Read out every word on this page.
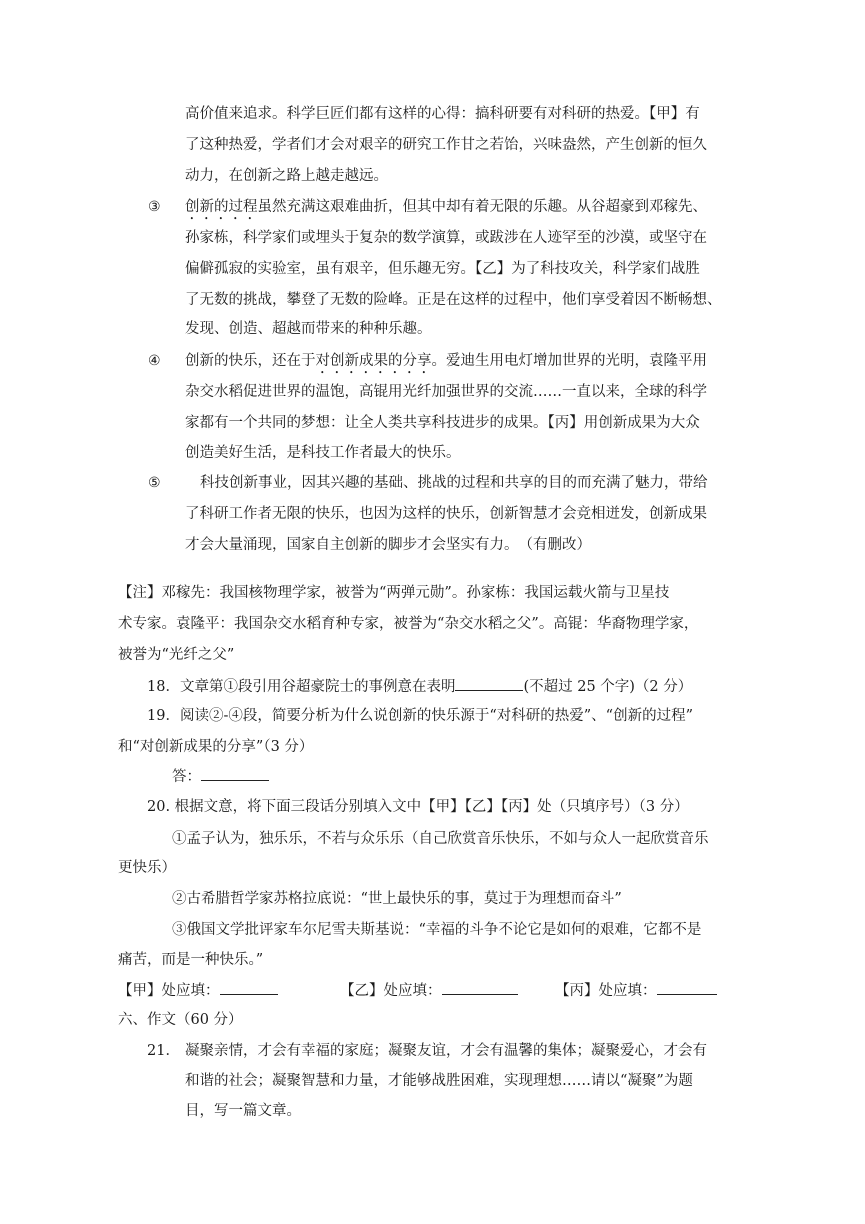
高价值来追求。科学巨匠们都有这样的心得：搞科研要有对科研的热爱。【甲】有
了这种热爱，学者们才会对艰辛的研究工作甘之若饴，兴味盎然，产生创新的恒久
动力，在创新之路上越走越远。
③ 创新的过程虽然充满这艰难曲折，但其中却有着无限的乐趣。从谷超豪到邓稼先、
孙家栋，科学家们或埋头于复杂的数学演算，或跋涉在人迹罕至的沙漠，或坚守在
偏僻孤寂的实验室，虽有艰辛，但乐趣无穷。【乙】为了科技攻关，科学家们战胜
了无数的挑战，攀登了无数的险峰。正是在这样的过程中，他们享受着因不断畅想、
发现、创造、超越而带来的种种乐趣。
④ 创新的快乐，还在于对创新成果的分享。爱迪生用电灯增加世界的光明，袁隆平用
杂交水稻促进世界的温饱，高锟用光纤加强世界的交流……一直以来，全球的科学
家都有一个共同的梦想：让全人类共享科技进步的成果。【丙】用创新成果为大众
创造美好生活，是科技工作者最大的快乐。
⑤	科技创新事业，因其兴趣的基础、挑战的过程和共享的目的而充满了魅力，带给
了科研工作者无限的快乐，也因为这样的快乐，创新智慧才会竞相迸发，创新成果
才会大量涌现，国家自主创新的脚步才会坚实有力。　（有删改）
【注】邓稼先：我国核物理学家，被誉为“两弹元勋”。孙家栋：我国运载火箭与卫星技
术专家。袁隆平：我国杂交水稻育种专家，被誉为“杂交水稻之父”。高锟：华裔物理学家，
被誉为“光纤之父”
18．文章第①段引用谷超豪院士的事例意在表明	(不超过 25 个字)（2 分）
19．阅读②-④段，简要分析为什么说创新的快乐源于“对科研的热爱”、“创新的过程”
和“对创新成果的分享”（3 分）
答：
20. 根据文意，将下面三段话分别填入文中【甲】【乙】【丙】处（只填序号）（3 分）
①孟子认为，独乐乐，不若与众乐乐（自己欣赏音乐快乐，不如与众人一起欣赏音乐
更快乐）
②古希腊哲学家苏格拉底说：“世上最快乐的事，莫过于为理想而奋斗”
③俄国文学批评家车尔尼雪夫斯基说：“幸福的斗争不论它是如何的艰难，它都不是
痛苦，而是一种快乐。”
【甲】处应填：	【乙】处应填：	【丙】处应填：
六、作文（60 分）
21． 凝聚亲情，才会有幸福的家庭；凝聚友谊，才会有温馨的集体；凝聚爱心，才会有
和谐的社会；凝聚智慧和力量，才能够战胜困难，实现理想……请以“凝聚”为题
目，写一篇文章。
